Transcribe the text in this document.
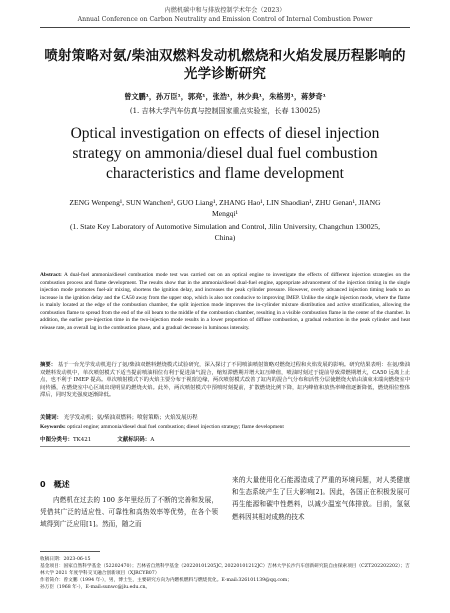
内燃机碳中和与排放控制学术年会（2023）
Annual Conference on Carbon Neutrality and Emission Control of Internal Combustion Power
喷射策略对氨/柴油双燃料发动机燃烧和火焰发展历程影响的光学诊断研究
曾文鹏¹，孙万臣¹，郭亮¹，张浩¹，林少典¹，朱格男¹，蒋梦奇¹
(1. 吉林大学汽车仿真与控制国家重点实验室，长春 130025)
Optical investigation on effects of diesel injection strategy on ammonia/diesel dual fuel combustion characteristics and flame development
ZENG Wenpeng¹, SUN Wanchen¹, GUO Liang¹, ZHANG Hao¹, LIN Shaodian¹, ZHU Genan¹, JIANG Mengqi¹
(1. State Key Laboratory of Automotive Simulation and Control, Jilin University, Changchun 130025, China)
Abstract: A dual-fuel ammonia/diesel combustion mode test was carried out on an optical engine to investigate the effects of different injection strategies on the combustion process and flame development. The results show that in the ammonia/diesel dual-fuel engine, appropriate advancement of the injection timing in the single injection mode promotes fuel-air mixing, shortens the ignition delay, and increases the peak cylinder pressure. However, overly advanced injection timing leads to an increase in the ignition delay and the CA50 away from the upper stop, which is also not conducive to improving IMEP. Unlike the single injection mode, where the flame is mainly located at the edge of the combustion chamber, the split injection mode improves the in-cylinder mixture distribution and active stratification, allowing the combustion flame to spread from the end of the oil beam to the middle of the combustion chamber, resulting in a visible combustion flame in the center of the chamber. In addition, the earlier pre-injection time in the two-injection mode results in a lower proportion of diffuse combustion, a gradual reduction in the peak cylinder and heat release rate, an overall lag in the combustion phase, and a gradual decrease in luminous intensity.
摘要： 基于一台光学发动机进行了氨/柴油双燃料燃烧模式试验研究，深入探讨了不同喷油喷射策略对燃烧过程和火焰发展的影响。研究结果表明：在氨/柴油双燃料发动机中，单次喷射模式下适当提前喷油相位有利于促进油气混合，缩短滞燃期并增大缸压峰值，喷油时刻过于提前导致滞燃期增大，CA50 远离上止点，也不利于 IMEP 提高。单次喷射模式下的火焰主要分布于视窗边缘，两次喷射模式改善了缸内的混合气分布和活性分层使燃烧火焰由油束末端向燃烧室中间传播，在燃烧室中心区域出现明显的燃烧火焰。此外，两次喷射模式中预喷时刻提前，扩散燃烧比例下降，缸内峰值和放热率峰值逐渐降低，燃烧相位整体滞后，同时发光强度逐渐降低。
关键词： 光学发动机；氨/柴油双燃料；喷射策略；火焰发展历程
Keywords: optical engine; ammonia/diesel dual fuel combustion; diesel injection strategy; flame development
中图分类号：TK421	文献标识码：A
0　概述
内燃机在过去的 100 多年里经历了不断的完善和发展，凭借其广泛的适应性、可靠性和高热效率等优势，在各个领域得到广泛应用[1]。然而，随之而
来的大量使用化石能源造成了严重的环境问题，对人类健康和生态系统产生了巨大影响[2]。因此，各国正在积极发展可再生能源和碳中性燃料，以减少温室气体排放。目前，氢氨燃料因其相对成熟的技术
收稿日期：2023-06-15
基金项目：国家自然科学基金（52202470）；吉林省自然科学基金（20220101205JC, 20220101212JC）吉林大学长沙汽车创新研究院自由探索项目（CZT202202202）；吉林大学 2021 年度学科交叉融合创新项目（XJRCYB07）
作者简介：曾文鹏（1994 年-），男，博士生，主要研究方向为内燃机燃料与燃烧优化。E-mail:326101139@qq.com；
孙万臣（1968 年-），E-mail:sunwc@jlu.edu.cn。
